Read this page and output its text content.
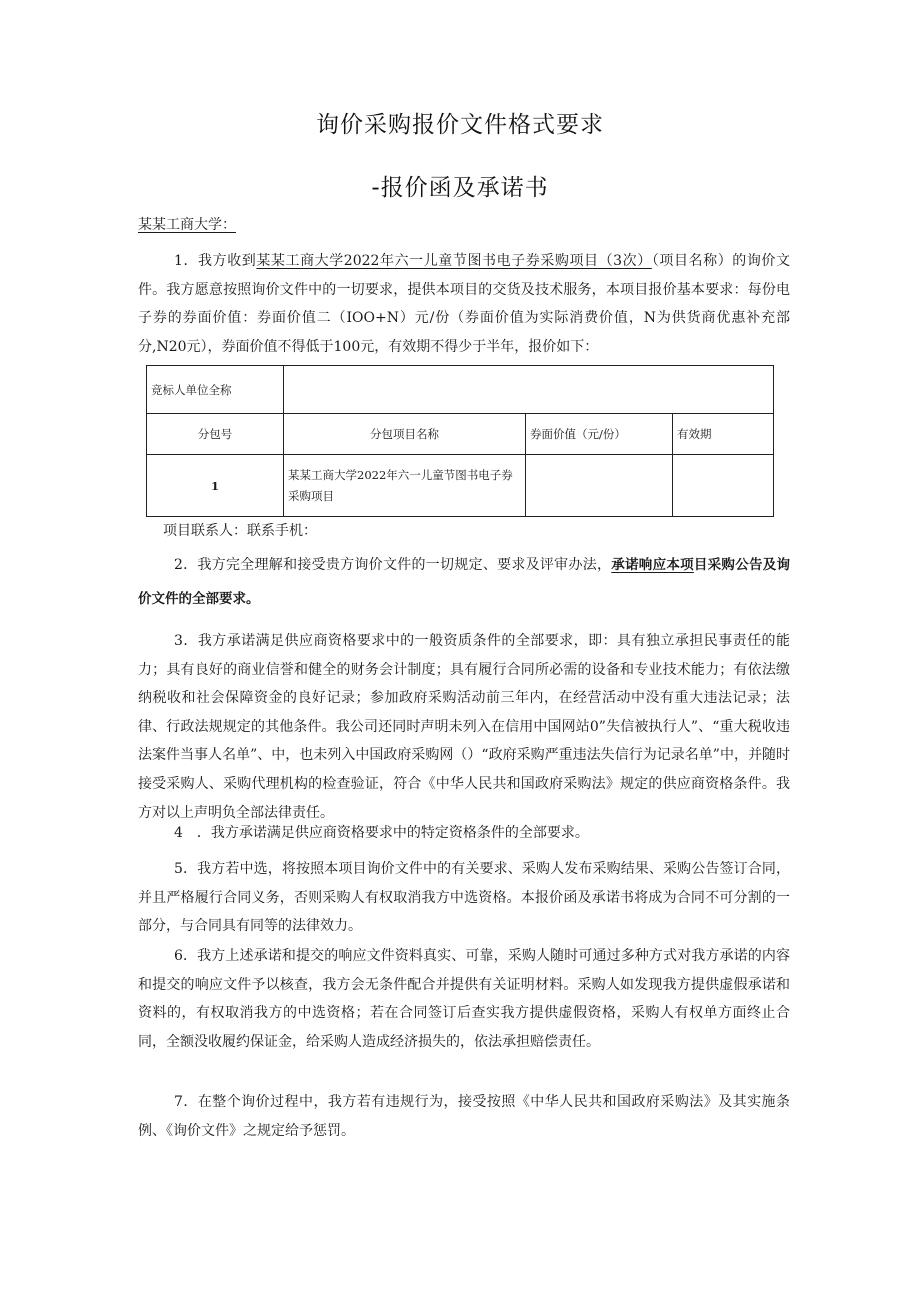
询价采购报价文件格式要求
-报价函及承诺书
某某工商大学：
1．我方收到某某工商大学2022年六一儿童节图书电子券采购项目（3次）（项目名称）的询价文件。我方愿意按照询价文件中的一切要求，提供本项目的交货及技术服务，本项目报价基本要求：每份电子券的券面价值：券面价值二（IOO+N）元/份（券面价值为实际消费价值，N为供货商优惠补充部分,N20元），券面价值不得低于100元，有效期不得少于半年，报价如下：
竞标人单位全称			
分包号	分包项目名称	券面价值（元/份）	有效期
1	某某工商大学2022年六一儿童节图书电子券采购项目		
项目联系人：联系手机：
2．我方完全理解和接受贵方询价文件的一切规定、要求及评审办法，承诺响应本项目采购公告及询价文件的全部要求。
3．我方承诺满足供应商资格要求中的一般资质条件的全部要求，即：具有独立承担民事责任的能力；具有良好的商业信誉和健全的财务会计制度；具有履行合同所必需的设备和专业技术能力；有依法缴纳税收和社会保障资金的良好记录；参加政府采购活动前三年内，在经营活动中没有重大违法记录；法律、行政法规规定的其他条件。我公司还同时声明未列入在信用中国网站0”失信被执行人”、“重大税收违法案件当事人名单”、中，也未列入中国政府采购网（）“政府采购严重违法失信行为记录名单”中，并随时接受采购人、采购代理机构的检查验证，符合《中华人民共和国政府采购法》规定的供应商资格条件。我方对以上声明负全部法律责任。
4　．我方承诺满足供应商资格要求中的特定资格条件的全部要求。
5．我方若中选，将按照本项目询价文件中的有关要求、采购人发布采购结果、采购公告签订合同，并且严格履行合同义务，否则采购人有权取消我方中选资格。本报价函及承诺书将成为合同不可分割的一部分，与合同具有同等的法律效力。
6．我方上述承诺和提交的响应文件资料真实、可靠，采购人随时可通过多种方式对我方承诺的内容和提交的响应文件予以核查，我方会无条件配合并提供有关证明材料。采购人如发现我方提供虚假承诺和资料的，有权取消我方的中选资格；若在合同签订后查实我方提供虚假资格，采购人有权单方面终止合同，全额没收履约保证金，给采购人造成经济损失的，依法承担赔偿责任。
7．在整个询价过程中，我方若有违规行为，接受按照《中华人民共和国政府采购法》及其实施条例、《询价文件》之规定给予惩罚。
